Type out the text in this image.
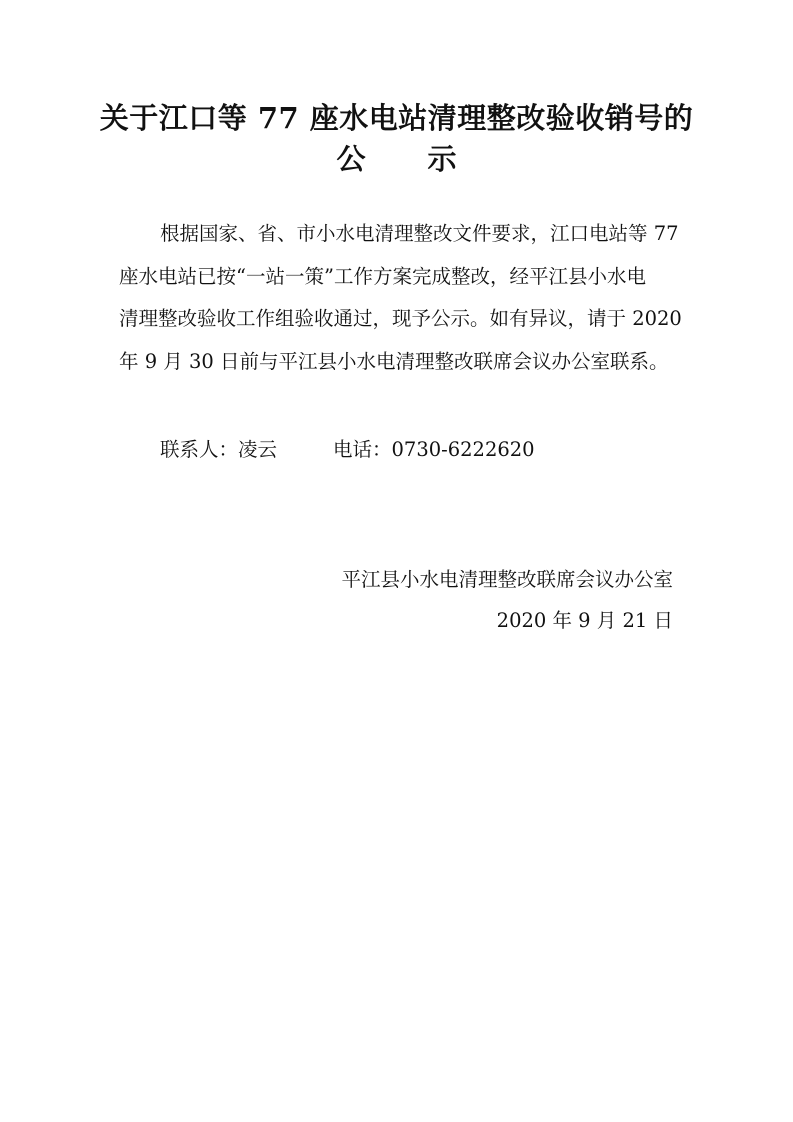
关于江口等 77 座水电站清理整改验收销号的
公示
根据国家、省、市小水电清理整改文件要求，江口电站等 77
座水电站已按“一站一策”工作方案完成整改，经平江县小水电
清理整改验收工作组验收通过，现予公示。如有异议，请于 2020
年 9 月 30 日前与平江县小水电清理整改联席会议办公室联系。
联系人：凌云	电话：0730-6222620
平江县小水电清理整改联席会议办公室
2020 年 9 月 21 日
